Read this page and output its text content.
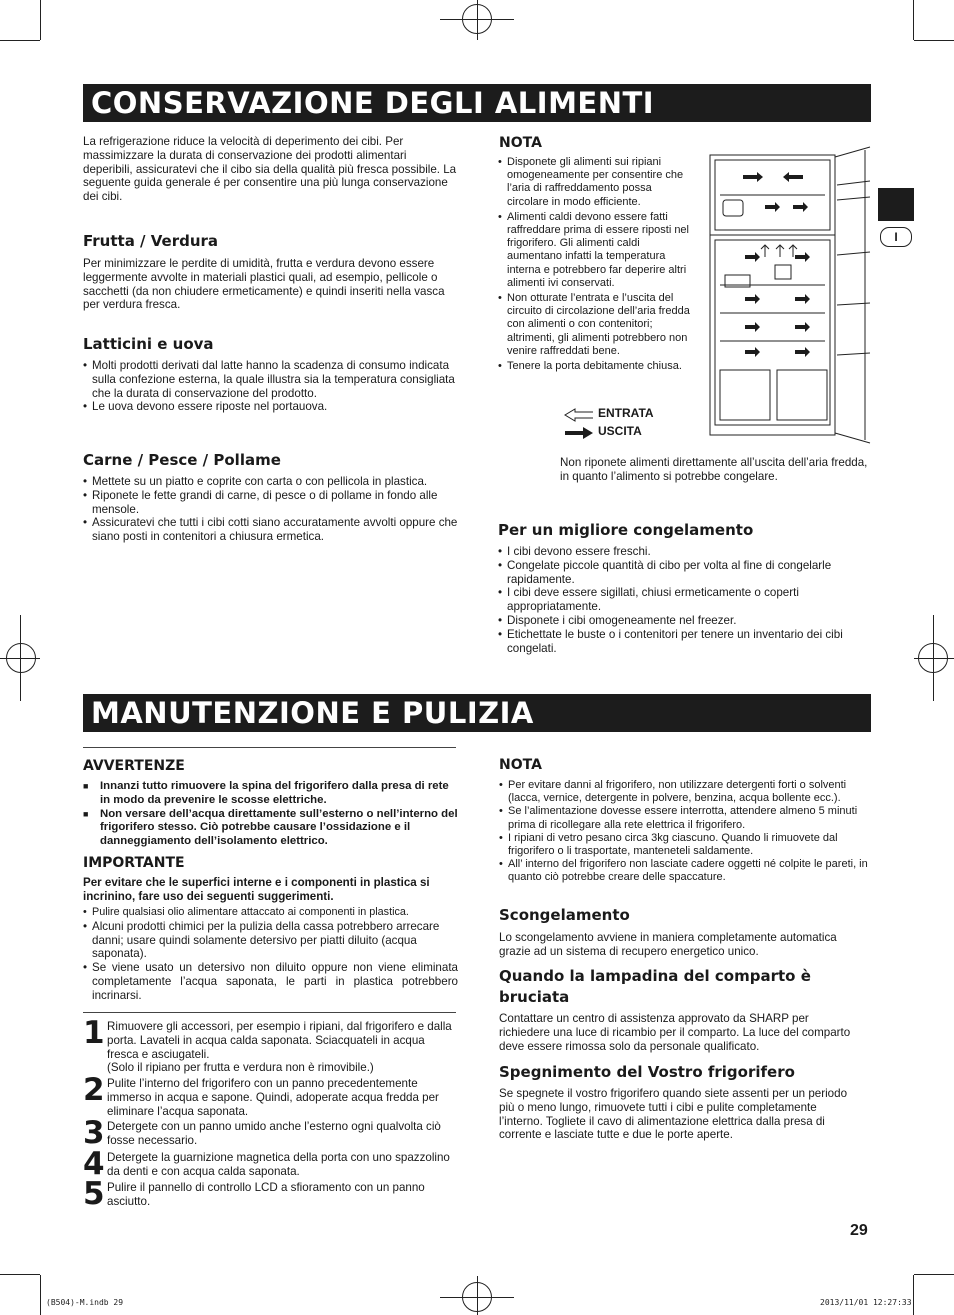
I
CONSERVAZIONE DEGLI ALIMENTI
La refrigerazione riduce la velocità di deperimento dei cibi. Per massimizzare la durata di conservazione dei prodotti alimentari deperibili, assicuratevi che il cibo sia della qualità più fresca possibile. La seguente guida generale é per consentire una più lunga conservazione dei cibi.
Frutta / Verdura
Per minimizzare le perdite di umidità, frutta e verdura devono essere leggermente avvolte in materiali plastici quali, ad esempio, pellicole o sacchetti (da non chiudere ermeticamente) e quindi inseriti nella vasca per verdura fresca.
Latticini e uova
• Molti prodotti derivati dal latte hanno la scadenza di consumo indicata sulla confezione esterna, la quale illustra sia la temperatura consigliata che la durata di conservazione del prodotto.
• Le uova devono essere riposte nel portauova.
Carne / Pesce / Pollame
• Mettete su un piatto e coprite con carta o con pellicola in plastica.
• Riponete le fette grandi di carne, di pesce o di pollame in fondo alle mensole.
• Assicuratevi che tutti i cibi cotti siano accuratamente avvolti oppure che siano posti in contenitori a chiusura ermetica.
NOTA
• Disponete gli alimenti sui ripiani omogeneamente per consentire che l’aria di raffreddamento possa circolare in modo efficiente.
• Alimenti caldi devono essere fatti raffreddare prima di essere riposti nel frigorifero. Gli alimenti caldi aumentano infatti la temperatura interna e potrebbero far deperire altri alimenti ivi conservati.
• Non otturate l’entrata e l’uscita del circuito di circolazione dell’aria fredda con alimenti o con contenitori; altrimenti, gli alimenti potrebbero non venire raffreddati bene.
• Tenere la porta debitamente chiusa.
ENTRATA
USCITA
Non riponete alimenti direttamente all’uscita dell’aria fredda, in quanto l’alimento si potrebbe congelare.
Per un migliore congelamento
• I cibi devono essere freschi.
• Congelate piccole quantità di cibo per volta al fine di congelarle rapidamente.
• I cibi deve essere sigillati, chiusi ermeticamente o coperti appropriatamente.
• Disponete i cibi omogeneamente nel freezer.
• Etichettate le buste o i contenitori per tenere un inventario dei cibi congelati.
MANUTENZIONE E PULIZIA
AVVERTENZE
■ Innanzi tutto rimuovere la spina del frigorifero dalla presa di rete in modo da prevenire le scosse elettriche.
■ Non versare dell’acqua direttamente sull’esterno o nell’interno del frigorifero stesso. Ciò potrebbe causare l’ossidazione e il danneggiamento dell’isolamento elettrico.
IMPORTANTE
Per evitare che le superfici interne e i componenti in plastica si incrinino, fare uso dei seguenti suggerimenti.
• Pulire qualsiasi olio alimentare attaccato ai componenti in plastica.
• Alcuni prodotti chimici per la pulizia della cassa potrebbero arrecare danni; usare quindi solamente detersivo per piatti diluito (acqua saponata).
• Se viene usato un detersivo non diluito oppure non viene eliminata completamente l’acqua saponata, le parti in plastica potrebbero incrinarsi.
1 Rimuovere gli accessori, per esempio i ripiani, dal frigorifero e dalla porta. Lavateli in acqua calda saponata. Sciacquateli in acqua fresca e asciugateli.
(Solo il ripiano per frutta e verdura non è rimovibile.)
2 Pulite l’interno del frigorifero con un panno precedentemente immerso in acqua e sapone. Quindi, adoperate acqua fredda per eliminare l’acqua saponata.
3 Detergete con un panno umido anche l’esterno ogni qualvolta ciò fosse necessario.
4 Detergete la guarnizione magnetica della porta con uno spazzolino da denti e con acqua calda saponata.
5 Pulire il pannello di controllo LCD a sfioramento con un panno asciutto.
NOTA
• Per evitare danni al frigorifero, non utilizzare detergenti forti o solventi (lacca, vernice, detergente in polvere, benzina, acqua bollente ecc.).
• Se l’alimentazione dovesse essere interrotta, attendere almeno 5 minuti prima di ricollegare alla rete elettrica il frigorifero.
• I ripiani di vetro pesano circa 3kg ciascuno. Quando li rimuovete dal frigorifero o li trasportate, manteneteli saldamente.
• All’ interno del frigorifero non lasciate cadere oggetti né colpite le pareti, in quanto ciò potrebbe creare delle spaccature.
Scongelamento
Lo scongelamento avviene in maniera completamente automatica grazie ad un sistema di recupero energetico unico.
Quando la lampadina del comparto è bruciata
Contattare un centro di assistenza approvato da SHARP per richiedere una luce di ricambio per il comparto. La luce del comparto deve essere rimossa solo da personale qualificato.
Spegnimento del Vostro frigorifero
Se spegnete il vostro frigorifero quando siete assenti per un periodo più o meno lungo, rimuovete tutti i cibi e pulite completamente l’interno. Togliete il cavo di alimentazione elettrica dalla presa di corrente e lasciate tutte e due le porte aperte.
29
(B504)-M.indb 29	2013/11/01 12:27:33
